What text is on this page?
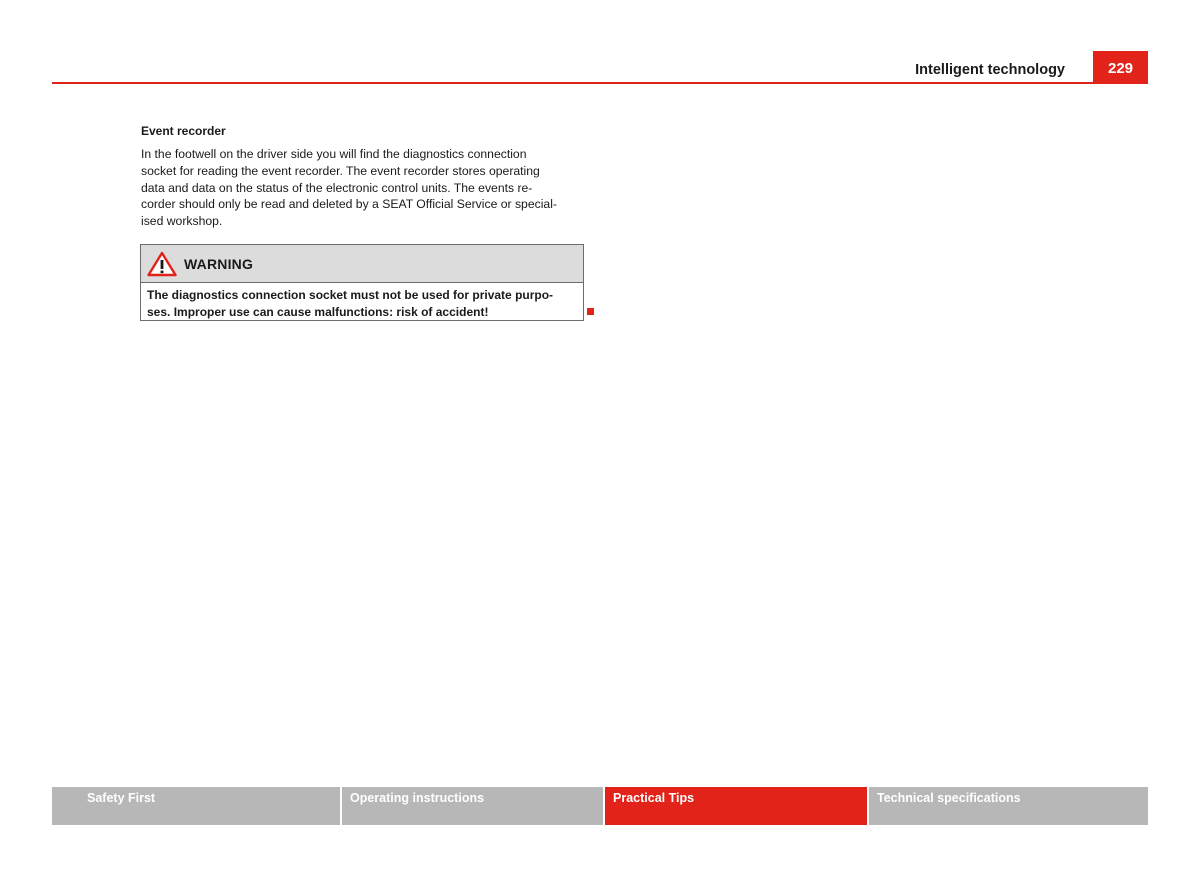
Intelligent technology	229
Event recorder
In the footwell on the driver side you will find the diagnostics connection
socket for reading the event recorder. The event recorder stores operating
data and data on the status of the electronic control units. The events re-
corder should only be read and deleted by a SEAT Official Service or special-
ised workshop.
WARNING
The diagnostics connection socket must not be used for private purpo-
ses. Improper use can cause malfunctions: risk of accident!
Safety First	Operating instructions	Practical Tips	Technical specifications
